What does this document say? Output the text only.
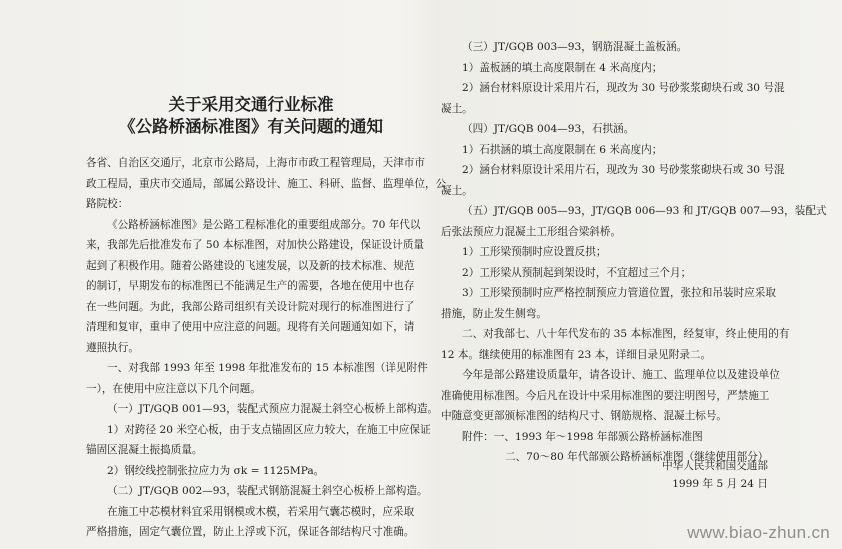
关于采用交通行业标准
《公路桥涵标准图》有关问题的通知

各省、自治区交通厅，北京市公路局，上海市市政工程管理局，天津市市

政工程局，重庆市交通局，部属公路设计、施工、科研、监督、监理单位，公

路院校：

《公路桥涵标准图》是公路工程标准化的重要组成部分。70 年代以

来，我部先后批准发布了 50 本标准图，对加快公路建设，保证设计质量

起到了积极作用。随着公路建设的飞速发展，以及新的技术标准、规范

的制订，早期发布的标准图已不能满足生产的需要，各地在使用中也存

在一些问题。为此，我部公路司组织有关设计院对现行的标准图进行了

清理和复审，重申了使用中应注意的问题。现将有关问题通知如下，请

遵照执行。

一、对我部 1993 年至 1998 年批准发布的 15 本标准图（详见附件

一），在使用中应注意以下几个问题。

（一）JT/GQB 001—93，装配式预应力混凝土斜空心板桥上部构造。

1）对跨径 20 米空心板，由于支点锚固区应力较大，在施工中应保证

锚固区混凝土振捣质量。

2）钢绞线控制张拉应力为 σk = 1125MPa。

（二）JT/GQB 002—93，装配式钢筋混凝土斜空心板桥上部构造。

在施工中芯模材料宜采用钢模或木模，若采用气囊芯模时，应采取

严格措施，固定气囊位置，防止上浮或下沉，保证各部结构尺寸准确。

（三）JT/GQB 003—93，钢筋混凝土盖板涵。

1）盖板涵的填土高度限制在 4 米高度内；

2）涵台材料原设计采用片石，现改为 30 号砂浆浆砌块石或 30 号混

凝土。

（四）JT/GQB 004—93，石拱涵。

1）石拱涵的填土高度限制在 6 米高度内；

2）涵台材料原设计采用片石，现改为 30 号砂浆浆砌块石或 30 号混

凝土。

（五）JT/GQB 005—93，JT/GQB 006—93 和 JT/GQB 007—93，装配式

后张法预应力混凝土工形组合梁斜桥。

1）工形梁预制时应设置反拱；

2）工形梁从预制起到架设时，不宜超过三个月；

3）工形梁预制时应严格控制预应力管道位置，张拉和吊装时应采取

措施，防止发生侧弯。

二、对我部七、八十年代发布的 35 本标准图，经复审，终止使用的有

12 本。继续使用的标准图有 23 本，详细目录见附录二。

今年是部公路建设质量年，请各设计、施工、监理单位以及建设单位

准确使用标准图。今后凡在设计中采用标准图的要注明图号，严禁施工

中随意变更部颁标准图的结构尺寸、钢筋规格、混凝土标号。

附件：一、1993 年～1998 年部颁公路桥涵标准图

二、70～80 年代部颁公路桥涵标准图（继续使用部分）

中华人民共和国交通部

1999 年 5 月 24 日

www.biao-zhun.cn
